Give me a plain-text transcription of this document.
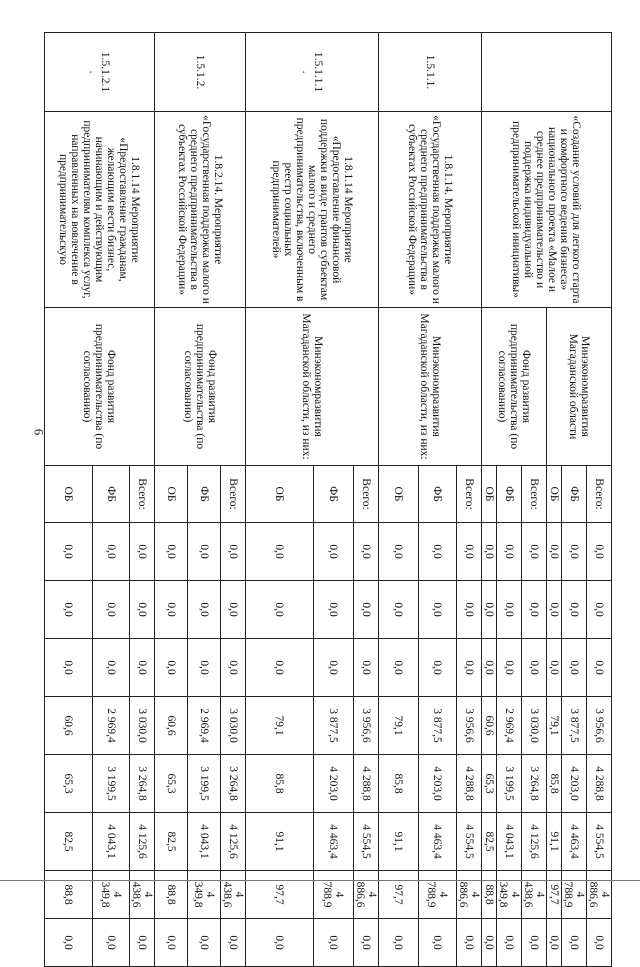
6
	«Создание условий для легкого старта и комфортного ведения бизнеса» национального проекта «Малое и среднее предпринимательство и поддержка индивидуальной предпринимательской инициативы»	Минэкономразвития Магаданской области	Всего:	0,0	0,0	0,0	3 956,6	4 288,8	4 554,5	4
886,6	0,0
			ФБ	0,0	0,0	0,0	3 877,5	4 203,0	4 463,4	4
788,9	0,0
			ОБ	0,0	0,0	0,0	79,1	85,8	91,1	97,7	0,0
		Фонд развития предпринимательства (по согласованию)	Всего:	0,0	0,0	0,0	3 030,0	3 264,8	4 125,6	4
438,6	0,0
			ФБ	0,0	0,0	0,0	2 969,4	3 199,5	4 043,1	4
349,8	0,0
			ОБ	0,0	0,0	0,0	60,6	65,3	82,5	88,8	0,0
1.5.1.1.	1.8.1.14. Мероприятие «Государственная поддержка малого и среднего предпринимательства в субъектах Российской Федерации»	Минэкономразвития Магаданской области, из них:	Всего:	0,0	0,0	0,0	3 956,6	4 288,8	4 554,5	4
886,6	0,0
			ФБ	0,0	0,0	0,0	3 877,5	4 203,0	4 463,4	4
788,9	0,0
			ОБ	0,0	0,0	0,0	79,1	85,8	91,1	97,7	0,0
1.5.1.1.1
.	1.8.1.14 Мероприятие «Предоставление финансовой поддержки в виде грантов субъектам малого и среднего предпринимательства, включенным в реестр социальных предпринимателей»	Минэкономразвития Магаданской области, из них:	Всего:	0,0	0,0	0,0	3 956,6	4 288,8	4 554,5	4
886,6	0,0
			ФБ	0,0	0,0	0,0	3 877,5	4 203,0	4 463,4	4
788,9	0,0
			ОБ	0,0	0,0	0,0	79,1	85,8	91,1	97,7	0,0
1.5.1.2.	1.8.2.14. Мероприятие «Государственная поддержка малого и среднего предпринимательства в субъектах Российской Федерации»	Фонд развития предпринимательства (по согласованию)	Всего:	0,0	0,0	0,0	3 030,0	3 264,8	4 125,6	4
438,6	0,0
			ФБ	0,0	0,0	0,0	2 969,4	3 199,5	4 043,1	4
349,8	0,0
			ОБ	0,0	0,0	0,0	60,6	65,3	82,5	88,8	0,0
1.5.1.2.1
.	1.8.1.14 Мероприятие «Предоставление гражданам, желающим вести бизнес, начинающим и действующим предпринимателям комплекса услуг, направленных на вовлечение в предпринимательскую	Фонд развития предпринимательства (по согласованию)	Всего:	0,0	0,0	0,0	3 030,0	3 264,8	4 125,6	4
438,6	0,0
			ФБ	0,0	0,0	0,0	2 969,4	3 199,5	4 043,1	4
349,8	0,0
			ОБ	0,0	0,0	0,0	60,6	65,3	82,5	88,8	0,0
